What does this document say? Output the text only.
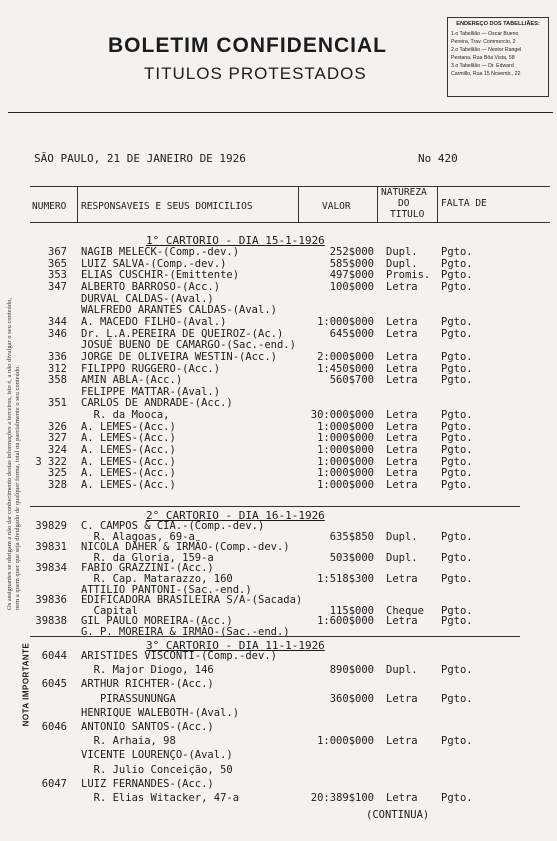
BOLETIM CONFIDENCIAL
TITULOS PROTESTADOS
ENDEREÇO DOS TABELLIÃES:
1.o Tabellião — Oscar Bueno
Pereira, Trav. Commercio, 2
2.o Tabellião — Nestor Rangel
Pestana, Rua Bôa Vista, 58
3.o Tabellião — Dr. Edward
Carmillo, Rua 15 Novemb., 22
SÃO PAULO, 21 DE JANEIRO DE 1926	No 420
NUMERO RESPONSAVEIS E SEUS DOMICILIOS	VALOR
NATUREZA
DO
TITULO
FALTA DE
1° CARTORIO - DIA 15-1-1926
367 NAGIB MELECK-(Comp.-dev.)	252$000 Dupl. Pgto.
365 LUIZ SALVA-(Comp.-dev.)	585$000 Dupl. Pgto.
353 ELIAS CUSCHIR-(Emittente)	497$000 Promis. Pgto.
347 ALBERTO BARROSO-(Acc.)	100$000 Letra Pgto.
DURVAL CALDAS-(Aval.)
WALFREDO ARANTES CALDAS-(Aval.)
344 A. MACEDO FILHO-(Aval.)	1:000$000 Letra Pgto.
346 Dr. L.A.PEREIRA DE QUEIROZ-(Ac.)	645$000 Letra Pgto.
JOSUÉ BUENO DE CAMARGO-(Sac.-end.)
336 JORGE DE OLIVEIRA WESTIN-(Acc.)	2:000$000 Letra Pgto.
312 FILIPPO RUGGERO-(Acc.)	1:450$000 Letra Pgto.
358 AMIN ABLA-(Acc.)	560$700 Letra Pgto.
FELIPPE MATTAR-(Aval.)
351 CARLOS DE ANDRADE-(Acc.)
R. da Mooca,	30:000$000 Letra Pgto.
326 A. LEMES-(Acc.)	1:000$000 Letra Pgto.
327 A. LEMES-(Acc.)	1:000$000 Letra Pgto.
324 A. LEMES-(Acc.)	1:000$000 Letra Pgto.
3 322 A. LEMES-(Acc.)	1:000$000 Letra Pgto.
325 A. LEMES-(Acc.)	1:000$000 Letra Pgto.
328 A. LEMES-(Acc.)	1:000$000 Letra Pgto.
2° CARTORIO - DIA 16-1-1926
39829 C. CAMPOS & CIA.-(Comp.-dev.)
R. Alagoas, 69-a	635$850 Dupl. Pgto.
39831 NICOLA DAHER & IRMÃO-(Comp.-dev.)
R. da Gloria, 159-a	503$000 Dupl. Pgto.
39834 FABIO GRAZZINI-(Acc.)
R. Cap. Matarazzo, 160	1:518$300 Letra Pgto.
ATTILIO PANTONI-(Sac.-end.)
39836 EDIFICADORA BRASILEIRA S/A-(Sacada)
Capital	115$000 Cheque Pgto.
39838 GIL PAULO MOREIRA-(Acc.)	1:600$000 Letra Pgto.
G. P. MOREIRA & IRMÃO-(Sac.-end.)
3° CARTORIO - DIA 11-1-1926
6044 ARISTIDES VISCONTI-(Comp.-dev.)
R. Major Diogo, 146	890$000 Dupl. Pgto.
6045 ARTHUR RICHTER-(Acc.)
PIRASSUNUNGA	360$000 Letra Pgto.
HENRIQUE WALEBOTH-(Aval.)
6046 ANTONIO SANTOS-(Acc.)
R. Arhaia, 98	1:000$000 Letra Pgto.
VICENTE LOURENÇO-(Aval.)
R. Julio Conceição, 50
6047 LUIZ FERNANDES-(Acc.)
R. Elias Witacker, 47-a	20:389$100 Letra Pgto.
(CONTINUA)
Os assignantes se obrigam a não dar conhecimento destas informações a terceiros, isto é, a não divulgar o seu conteúdo, nem a quem quer que seja divulgado de qualquer forma, total ou parcialmente o seu conteúdo.
NOTA IMPORTANTE
